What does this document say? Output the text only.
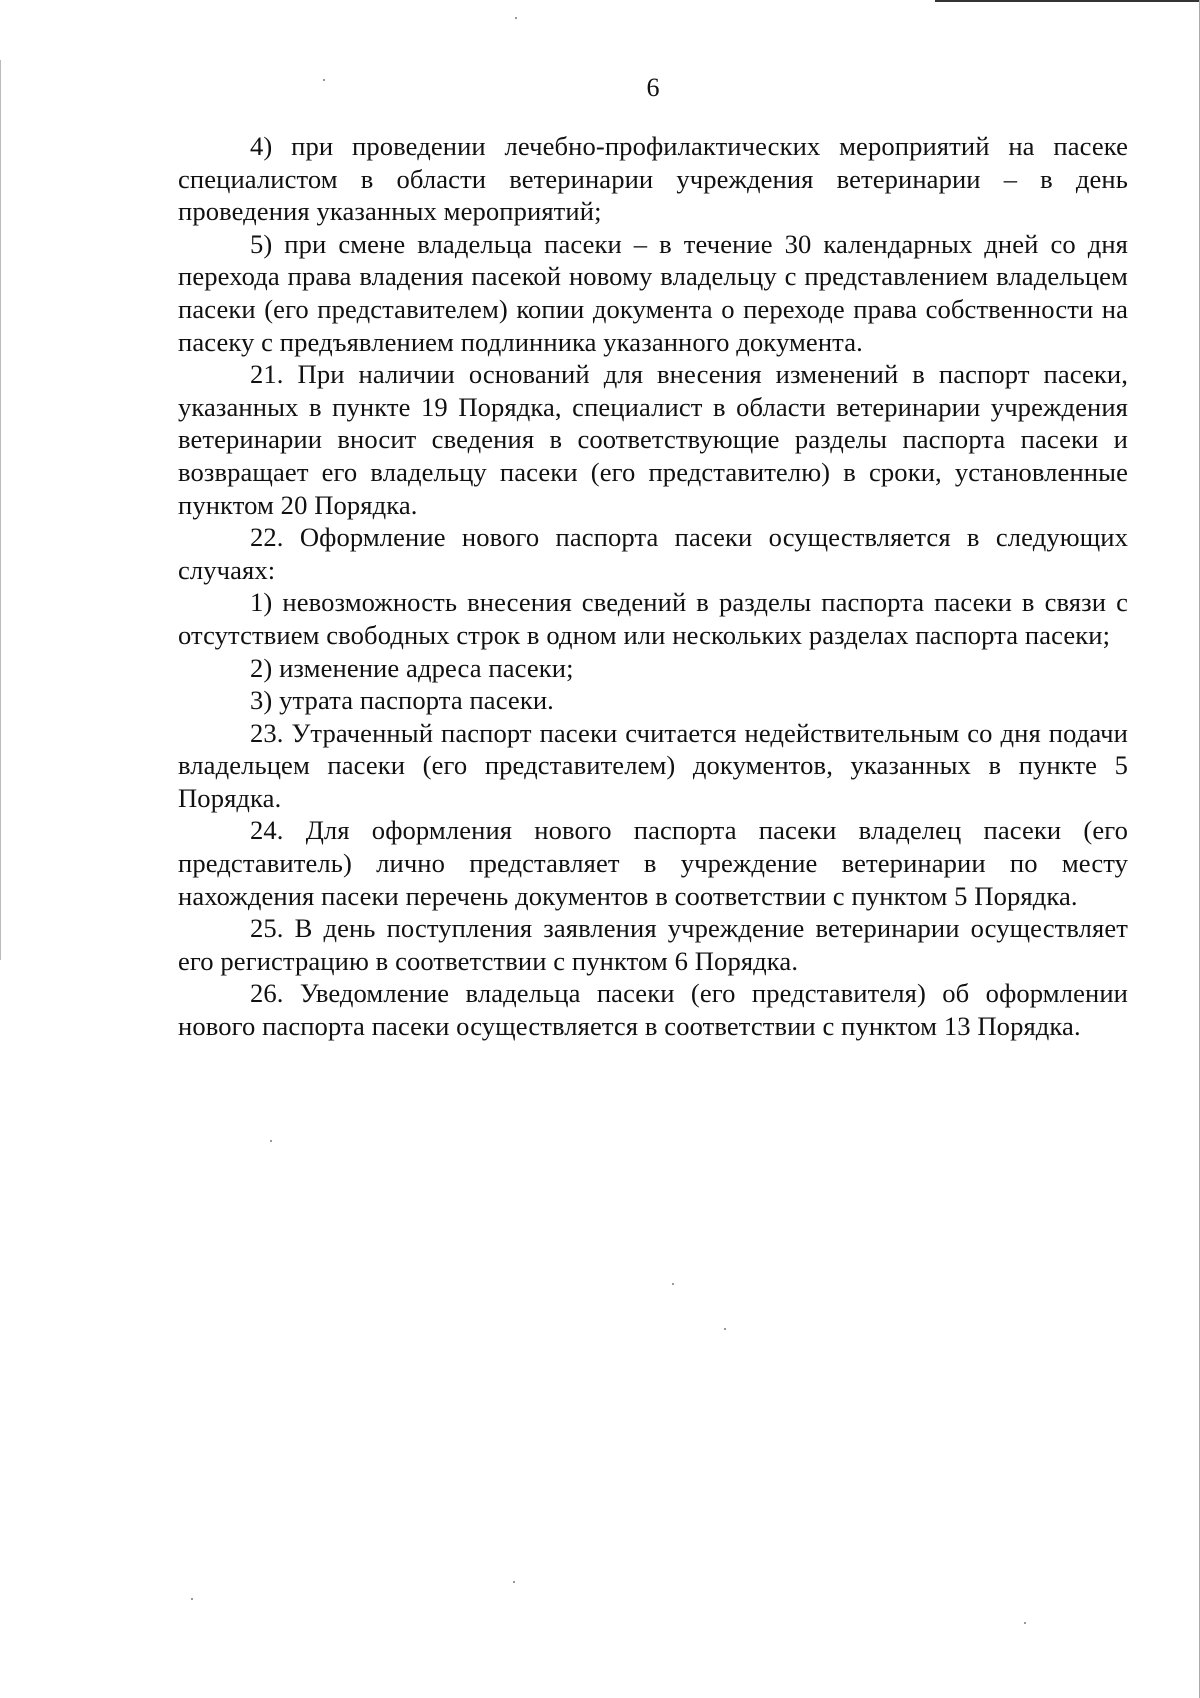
6

4) при проведении лечебно-профилактических мероприятий на пасеке специалистом в области ветеринарии учреждения ветеринарии – в день проведения указанных мероприятий;

5) при смене владельца пасеки – в течение 30 календарных дней со дня перехода права владения пасекой новому владельцу с представлением владельцем пасеки (его представителем) копии документа о переходе права собственности на пасеку с предъявлением подлинника указанного документа.

21. При наличии оснований для внесения изменений в паспорт пасеки, указанных в пункте 19 Порядка, специалист в области ветеринарии учреждения ветеринарии вносит сведения в соответствующие разделы паспорта пасеки и возвращает его владельцу пасеки (его представителю) в сроки, установленные пунктом 20 Порядка.

22. Оформление нового паспорта пасеки осуществляется в следующих случаях:

1) невозможность внесения сведений в разделы паспорта пасеки в связи с отсутствием свободных строк в одном или нескольких разделах паспорта пасеки;

2) изменение адреса пасеки;

3) утрата паспорта пасеки.

23. Утраченный паспорт пасеки считается недействительным со дня подачи владельцем пасеки (его представителем) документов, указанных в пункте 5 Порядка.

24. Для оформления нового паспорта пасеки владелец пасеки (его представитель) лично представляет в учреждение ветеринарии по месту нахождения пасеки перечень документов в соответствии с пунктом 5 Порядка.

25. В день поступления заявления учреждение ветеринарии осуществляет его регистрацию в соответствии с пунктом 6 Порядка.

26. Уведомление владельца пасеки (его представителя) об оформлении нового паспорта пасеки осуществляется в соответствии с пунктом 13 Порядка.
